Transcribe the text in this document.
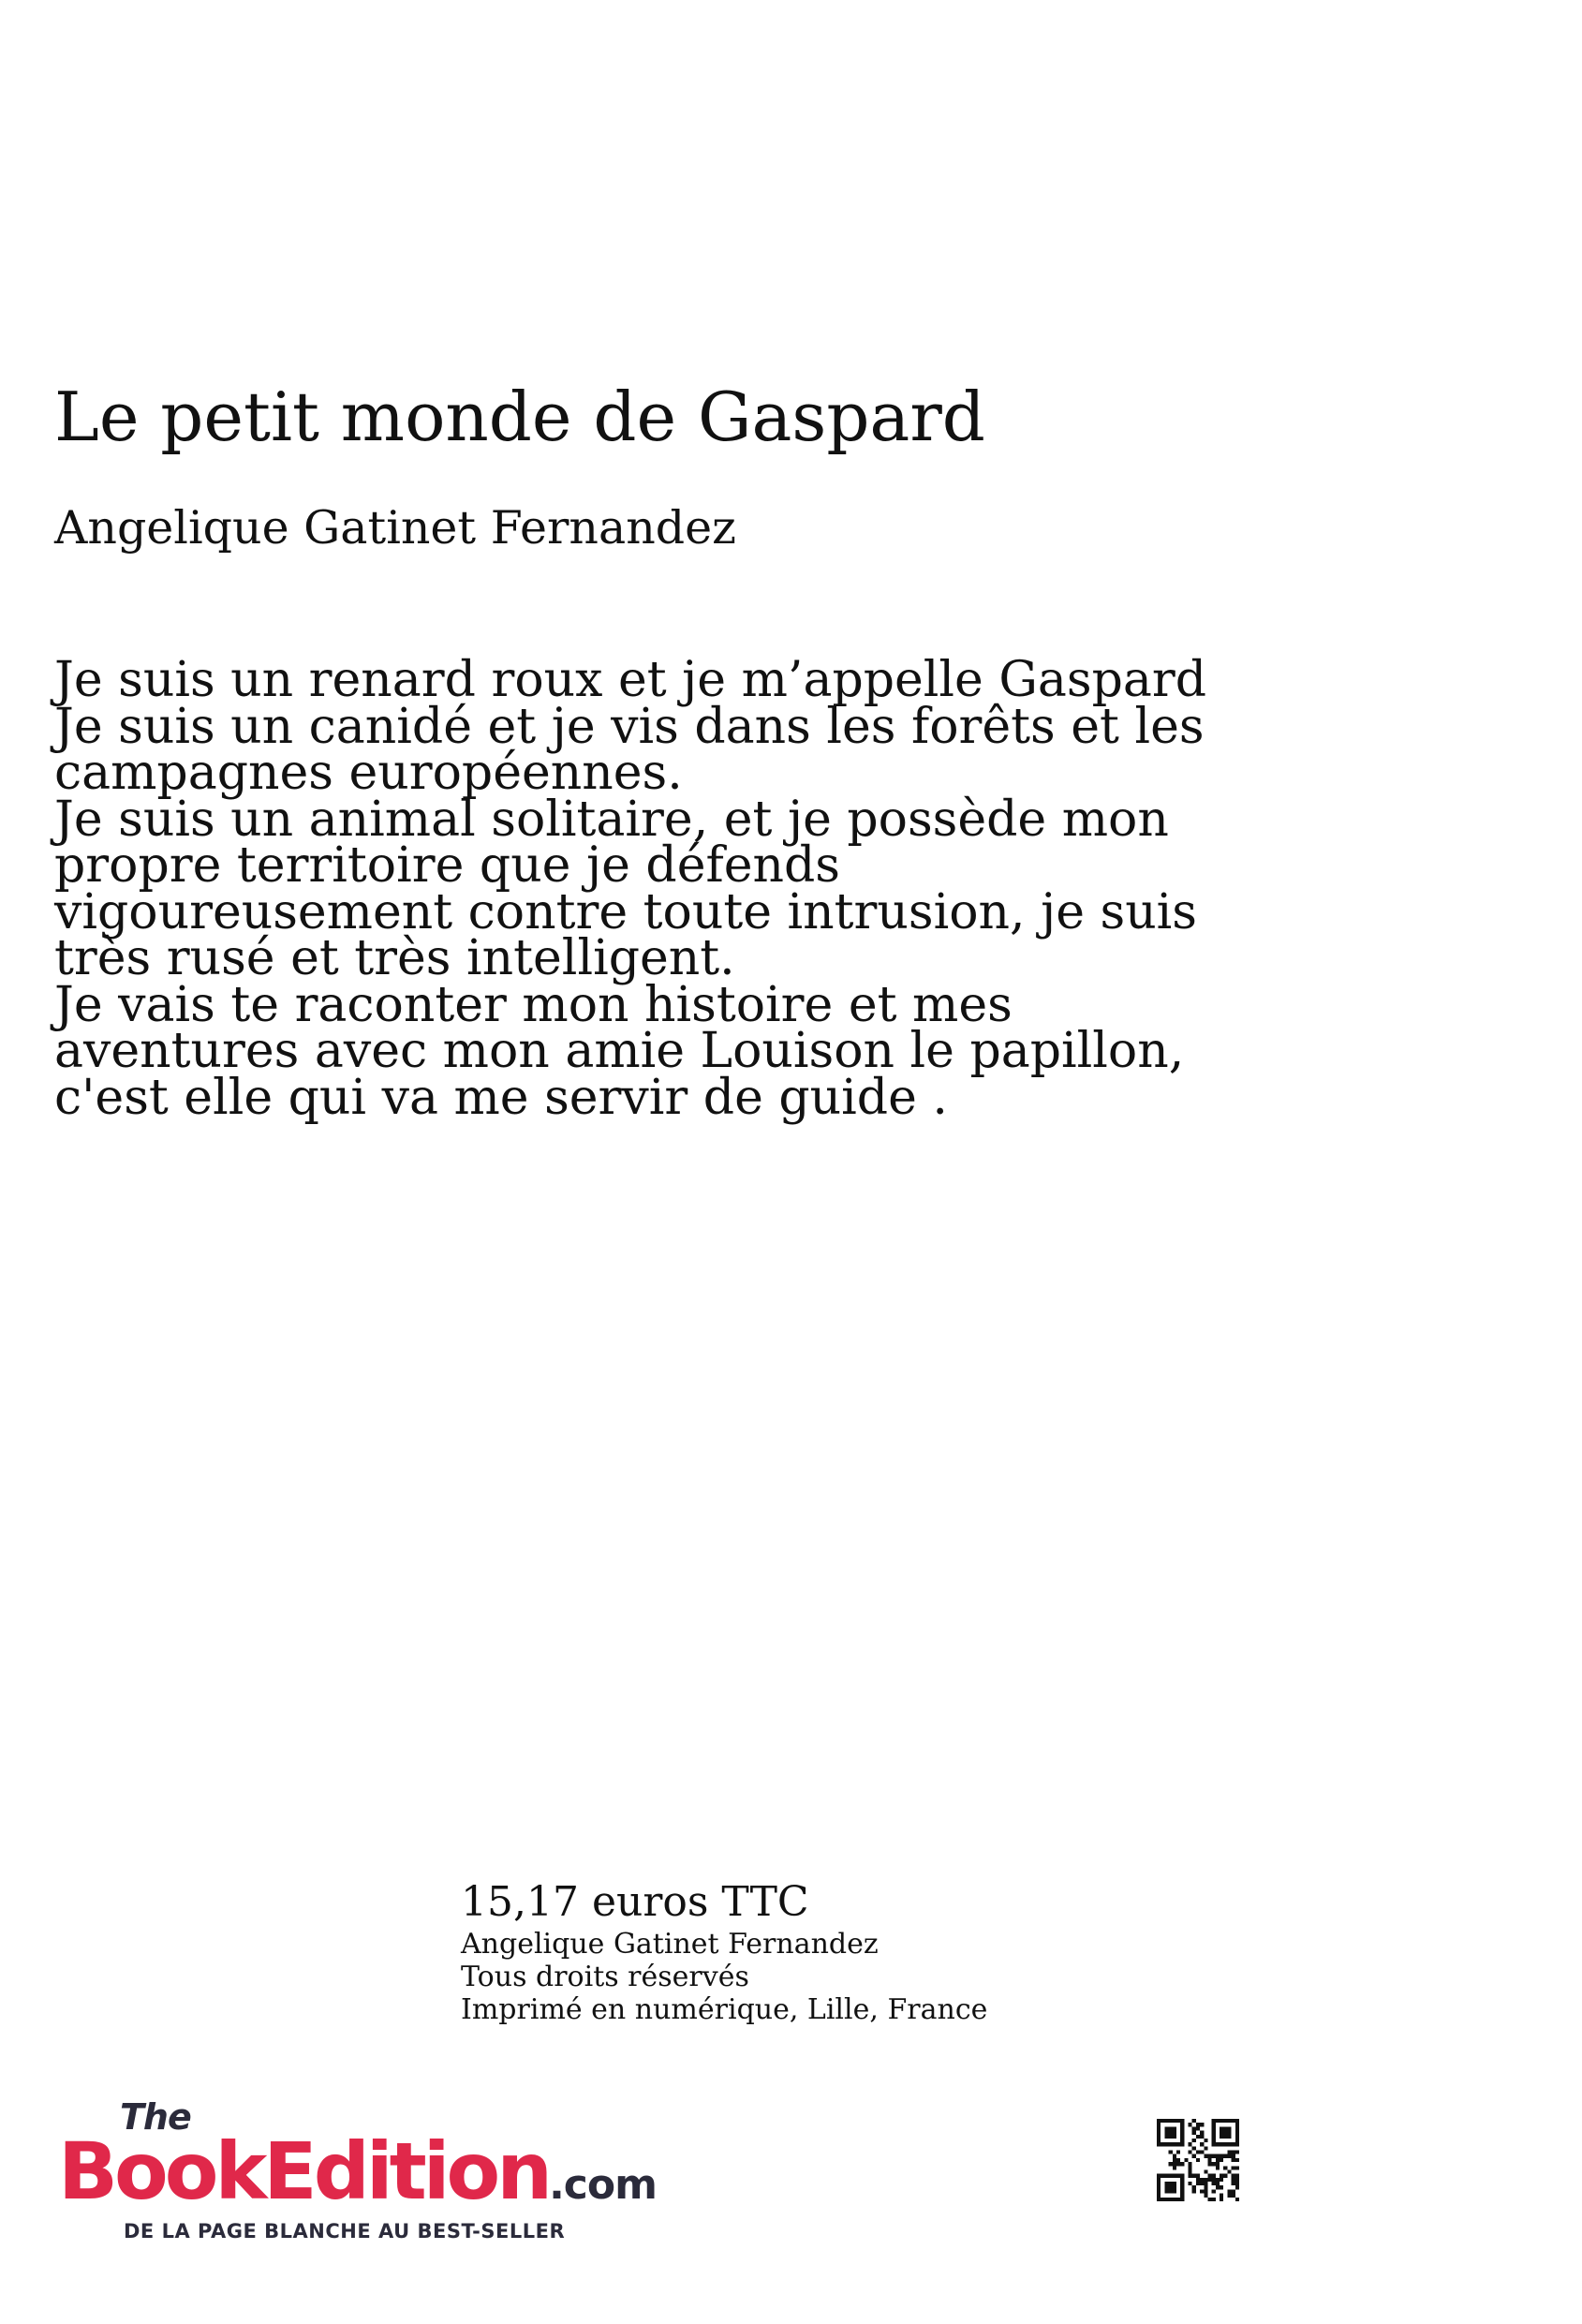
Le petit monde de Gaspard
Angelique Gatinet Fernandez
Je suis un renard roux et je m’appelle Gaspard
Je suis un canidé et je vis dans les forêts et les
campagnes européennes.
Je suis un animal solitaire, et je possède mon
propre territoire que je défends
vigoureusement contre toute intrusion, je suis
très rusé et très intelligent.
Je vais te raconter mon histoire et mes
aventures avec mon amie Louison le papillon,
c'est elle qui va me servir de guide .
15,17 euros TTC
Angelique Gatinet Fernandez
Tous droits réservés
Imprimé en numérique, Lille, France
The
BookEdition.com
DE LA PAGE BLANCHE AU BEST-SELLER
